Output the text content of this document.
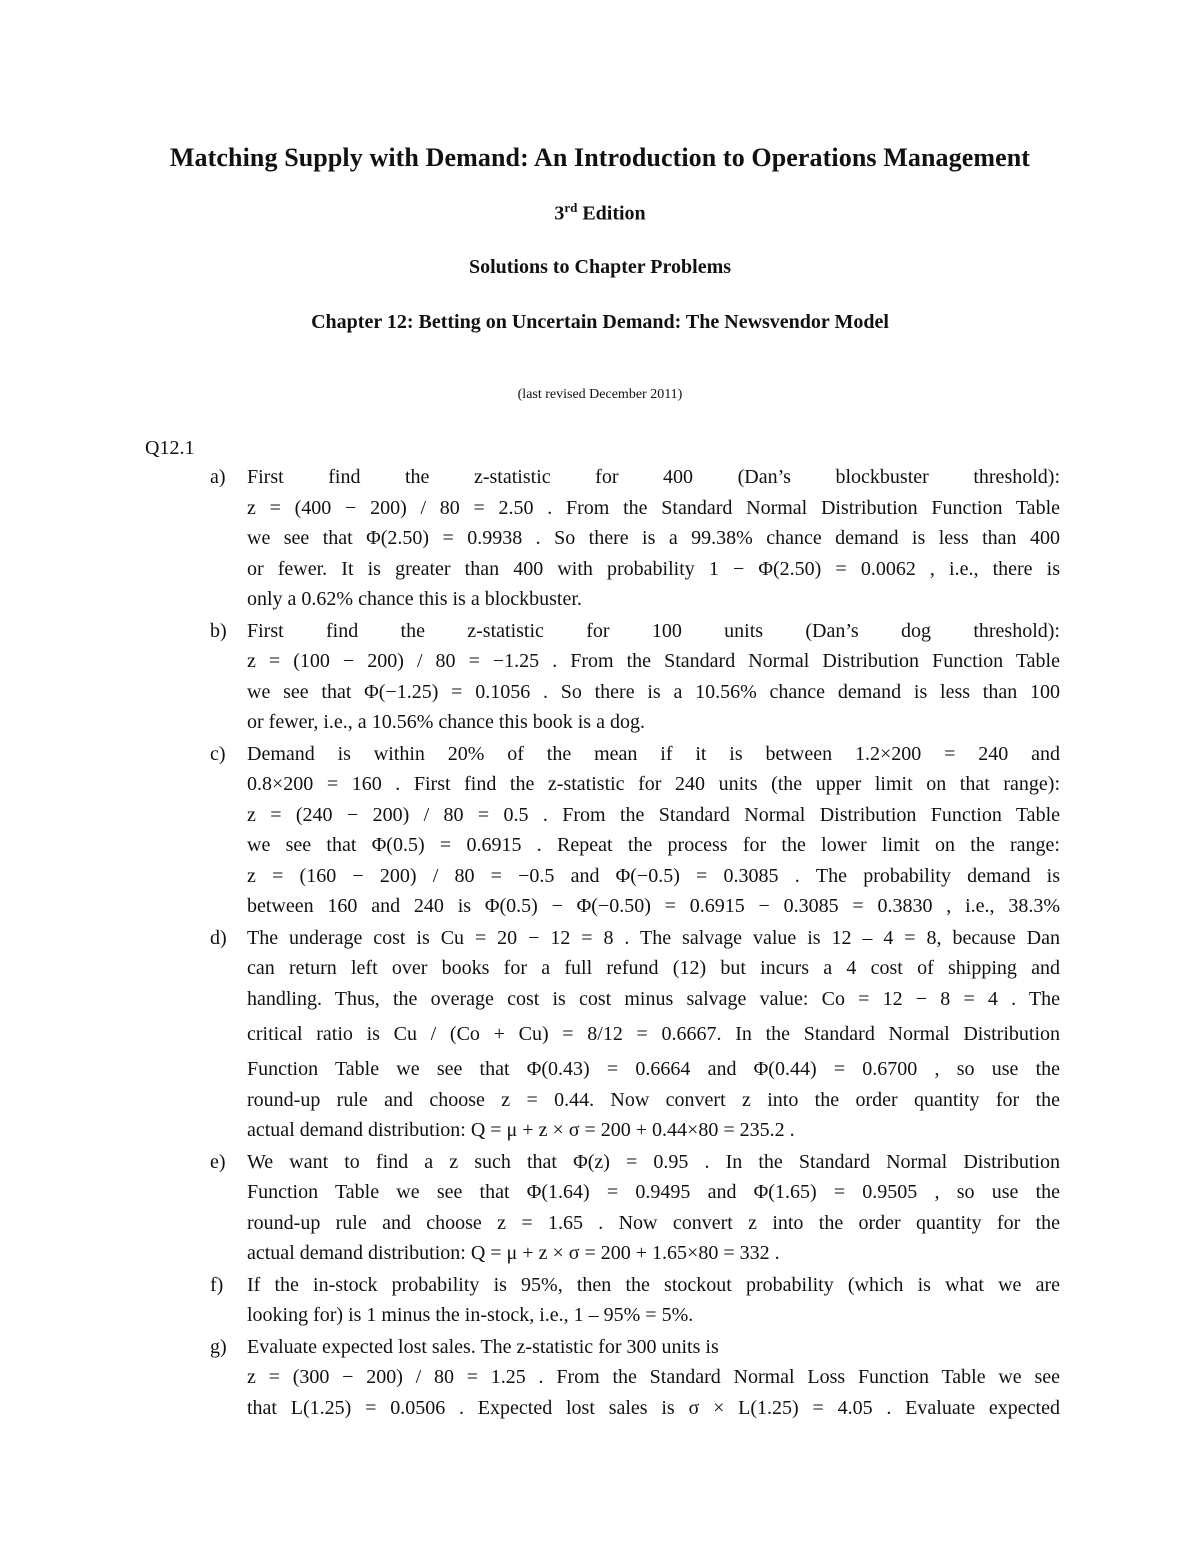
Matching Supply with Demand: An Introduction to Operations Management
3rd Edition
Solutions to Chapter Problems
Chapter 12: Betting on Uncertain Demand: The Newsvendor Model
(last revised December 2011)
Q12.1
a)	First find the z-statistic for 400 (Dan’s blockbuster threshold):
z = (400 − 200) / 80 = 2.50 . From the Standard Normal Distribution Function Table
we see that Φ(2.50) = 0.9938 . So there is a 99.38% chance demand is less than 400
or fewer. It is greater than 400 with probability 1 − Φ(2.50) = 0.0062 , i.e., there is
only a 0.62% chance this is a blockbuster.
b)	First find the z-statistic for 100 units (Dan’s dog threshold):
z = (100 − 200) / 80 = −1.25 . From the Standard Normal Distribution Function Table
we see that Φ(−1.25) = 0.1056 . So there is a 10.56% chance demand is less than 100
or fewer, i.e., a 10.56% chance this book is a dog.
c)	Demand is within 20% of the mean if it is between 1.2×200 = 240 and
0.8×200 = 160 . First find the z-statistic for 240 units (the upper limit on that range):
z = (240 − 200) / 80 = 0.5 . From the Standard Normal Distribution Function Table
we see that Φ(0.5) = 0.6915 . Repeat the process for the lower limit on the range:
z = (160 − 200) / 80 = −0.5 and Φ(−0.5) = 0.3085 . The probability demand is
between 160 and 240 is Φ(0.5) − Φ(−0.50) = 0.6915 − 0.3085 = 0.3830 , i.e., 38.3%
d)	The underage cost is Cu = 20 − 12 = 8 . The salvage value is 12 – 4 = 8, because Dan
can return left over books for a full refund (12) but incurs a 4 cost of shipping and
handling. Thus, the overage cost is cost minus salvage value: Co = 12 − 8 = 4 . The
critical ratio is Cu / (Co + Cu) = 8/12 = 0.6667. In the Standard Normal Distribution
Function Table we see that Φ(0.43) = 0.6664 and Φ(0.44) = 0.6700 , so use the
round-up rule and choose z = 0.44. Now convert z into the order quantity for the
actual demand distribution: Q = μ + z × σ = 200 + 0.44×80 = 235.2 .
e)	We want to find a z such that Φ(z) = 0.95 . In the Standard Normal Distribution
Function Table we see that Φ(1.64) = 0.9495 and Φ(1.65) = 0.9505 , so use the
round-up rule and choose z = 1.65 . Now convert z into the order quantity for the
actual demand distribution: Q = μ + z × σ = 200 + 1.65×80 = 332 .
f)	If the in-stock probability is 95%, then the stockout probability (which is what we are
looking for) is 1 minus the in-stock, i.e., 1 – 95% = 5%.
g)	Evaluate expected lost sales. The z-statistic for 300 units is
z = (300 − 200) / 80 = 1.25 . From the Standard Normal Loss Function Table we see
that L(1.25) = 0.0506 . Expected lost sales is σ × L(1.25) = 4.05 . Evaluate expected
